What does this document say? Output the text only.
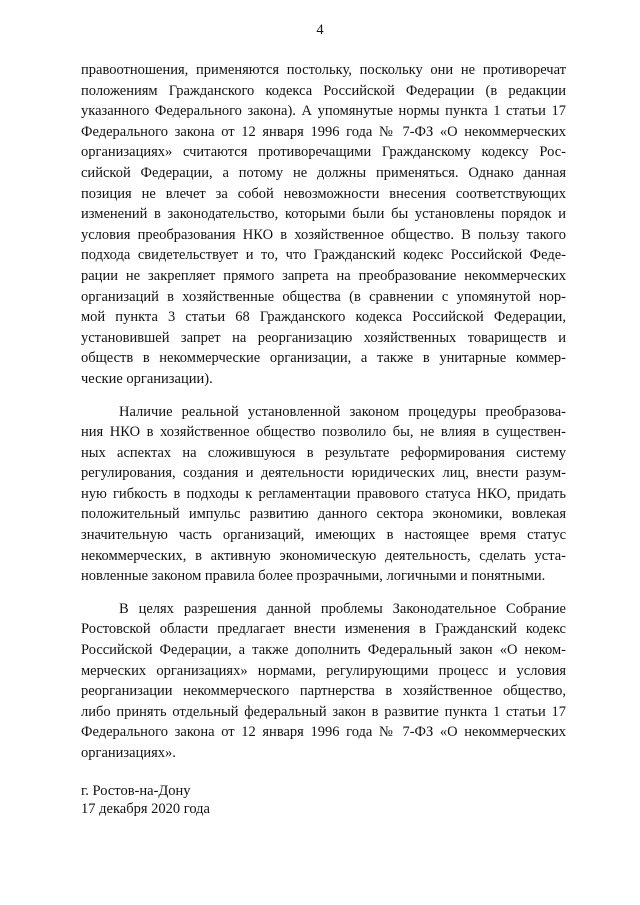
4

правоотношения, применяются постольку, поскольку они не противоречат
положениям Гражданского кодекса Российской Федерации (в редакции
указанного Федерального закона). А упомянутые нормы пункта 1 статьи 17
Федерального закона от 12 января 1996 года № 7-ФЗ «О некоммерческих
организациях» считаются противоречащими Гражданскому кодексу Рос-
сийской Федерации, а потому не должны применяться. Однако данная
позиция не влечет за собой невозможности внесения соответствующих
изменений в законодательство, которыми были бы установлены порядок и
условия преобразования НКО в хозяйственное общество. В пользу такого
подхода свидетельствует и то, что Гражданский кодекс Российской Феде-
рации не закрепляет прямого запрета на преобразование некоммерческих
организаций в хозяйственные общества (в сравнении с упомянутой нор-
мой пункта 3 статьи 68 Гражданского кодекса Российской Федерации,
установившей запрет на реорганизацию хозяйственных товариществ и
обществ в некоммерческие организации, а также в унитарные коммер-
ческие организации).

Наличие реальной установленной законом процедуры преобразова-
ния НКО в хозяйственное общество позволило бы, не влияя в существен-
ных аспектах на сложившуюся в результате реформирования систему
регулирования, создания и деятельности юридических лиц, внести разум-
ную гибкость в подходы к регламентации правового статуса НКО, придать
положительный импульс развитию данного сектора экономики, вовлекая
значительную часть организаций, имеющих в настоящее время статус
некоммерческих, в активную экономическую деятельность, сделать уста-
новленные законом правила более прозрачными, логичными и понятными.

В целях разрешения данной проблемы Законодательное Собрание
Ростовской области предлагает внести изменения в Гражданский кодекс
Российской Федерации, а также дополнить Федеральный закон «О неком-
мерческих организациях» нормами, регулирующими процесс и условия
реорганизации некоммерческого партнерства в хозяйственное общество,
либо принять отдельный федеральный закон в развитие пункта 1 статьи 17
Федерального закона от 12 января 1996 года № 7-ФЗ «О некоммерческих
организациях».

г. Ростов-на-Дону
17 декабря 2020 года
